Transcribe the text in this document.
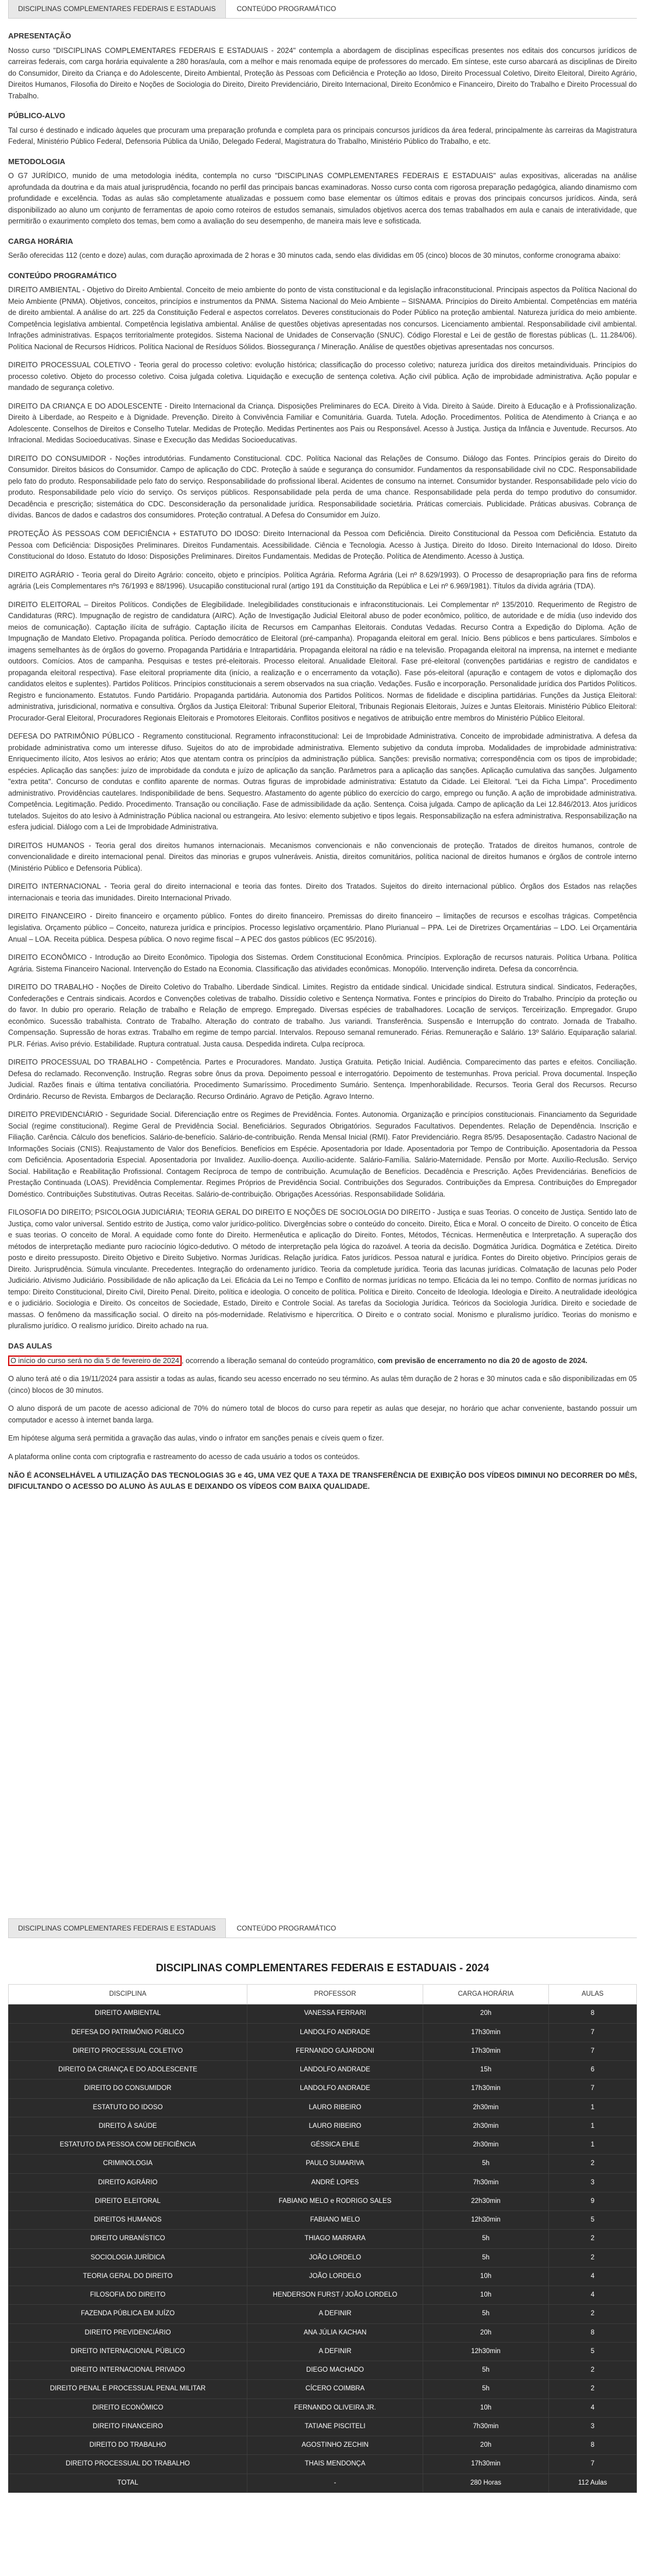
DISCIPLINAS COMPLEMENTARES FEDERAIS E ESTADUAIS	CONTEÚDO PROGRAMÁTICO
APRESENTAÇÃO

Nosso curso "DISCIPLINAS COMPLEMENTARES FEDERAIS E ESTADUAIS - 2024" contempla a abordagem de disciplinas específicas presentes nos editais dos concursos jurídicos de carreiras federais, com carga horária equivalente a 280 horas/aula, com a melhor e mais renomada equipe de professores do mercado. Em síntese, este curso abarcará as disciplinas de Direito do Consumidor, Direito da Criança e do Adolescente, Direito Ambiental, Proteção às Pessoas com Deficiência e Proteção ao Idoso, Direito Processual Coletivo, Direito Eleitoral, Direito Agrário, Direitos Humanos, Filosofia do Direito e Noções de Sociologia do Direito, Direito Previdenciário, Direito Internacional, Direito Econômico e Financeiro, Direito do Trabalho e Direito Processual do Trabalho.

PÚBLICO-ALVO

Tal curso é destinado e indicado àqueles que procuram uma preparação profunda e completa para os principais concursos jurídicos da área federal, principalmente às carreiras da Magistratura Federal, Ministério Público Federal, Defensoria Pública da União, Delegado Federal, Magistratura do Trabalho, Ministério Público do Trabalho, e etc.

METODOLOGIA

O G7 JURÍDICO, munido de uma metodologia inédita, contempla no curso "DISCIPLINAS COMPLEMENTARES FEDERAIS E ESTADUAIS" aulas expositivas, aliceradas na análise aprofundada da doutrina e da mais atual jurisprudência, focando no perfil das principais bancas examinadoras. Nosso curso conta com rigorosa preparação pedagógica, aliando dinamismo com profundidade e excelência. Todas as aulas são completamente atualizadas e possuem como base elementar os últimos editais e provas dos principais concursos jurídicos. Ainda, será disponibilizado ao aluno um conjunto de ferramentas de apoio como roteiros de estudos semanais, simulados objetivos acerca dos temas trabalhados em aula e canais de interatividade, que permitirão o exaurimento completo dos temas, bem como a avaliação do seu desempenho, de maneira mais leve e sofisticada.

CARGA HORÁRIA

Serão oferecidas 112 (cento e doze) aulas, com duração aproximada de 2 horas e 30 minutos cada, sendo elas divididas em 05 (cinco) blocos de 30 minutos, conforme cronograma abaixo:

CONTEÚDO PROGRAMÁTICO

DIREITO AMBIENTAL - Objetivo do Direito Ambiental. Conceito de meio ambiente do ponto de vista constitucional e da legislação infraconstitucional. Principais aspectos da Política Nacional do Meio Ambiente (PNMA). Objetivos, conceitos, princípios e instrumentos da PNMA. Sistema Nacional do Meio Ambiente – SISNAMA. Princípios do Direito Ambiental. Competências em matéria de direito ambiental. A análise do art. 225 da Constituição Federal e aspectos correlatos. Deveres constitucionais do Poder Público na proteção ambiental. Natureza jurídica do meio ambiente. Competência legislativa ambiental. Competência legislativa ambiental. Análise de questões objetivas apresentadas nos concursos. Licenciamento ambiental. Responsabilidade civil ambiental. Infrações administrativas. Espaços territorialmente protegidos. Sistema Nacional de Unidades de Conservação (SNUC). Código Florestal e Lei de gestão de florestas públicas (L. 11.284/06). Política Nacional de Recursos Hídricos. Política Nacional de Resíduos Sólidos. Biossegurança / Mineração. Análise de questões objetivas apresentadas nos concursos.

DIREITO PROCESSUAL COLETIVO - Teoria geral do processo coletivo: evolução histórica; classificação do processo coletivo; natureza jurídica dos direitos metaindividuais. Princípios do processo coletivo. Objeto do processo coletivo. Coisa julgada coletiva. Liquidação e execução de sentença coletiva. Ação civil pública. Ação de improbidade administrativa. Ação popular e mandado de segurança coletivo.

DIREITO DA CRIANÇA E DO ADOLESCENTE - Direito Internacional da Criança. Disposições Preliminares do ECA. Direito à Vida. Direito à Saúde. Direito à Educação e à Profissionalização. Direito à Liberdade, ao Respeito e à Dignidade. Prevenção. Direito à Convivência Familiar e Comunitária. Guarda. Tutela. Adoção. Procedimentos. Política de Atendimento à Criança e ao Adolescente. Conselhos de Direitos e Conselho Tutelar. Medidas de Proteção. Medidas Pertinentes aos Pais ou Responsável. Acesso à Justiça. Justiça da Infância e Juventude. Recursos. Ato Infracional. Medidas Socioeducativas. Sinase e Execução das Medidas Socioeducativas.

DIREITO DO CONSUMIDOR - Noções introdutórias. Fundamento Constitucional. CDC. Política Nacional das Relações de Consumo. Diálogo das Fontes. Princípios gerais do Direito do Consumidor. Direitos básicos do Consumidor. Campo de aplicação do CDC. Proteção à saúde e segurança do consumidor. Fundamentos da responsabilidade civil no CDC. Responsabilidade pelo fato do produto. Responsabilidade pelo fato do serviço. Responsabilidade do profissional liberal. Acidentes de consumo na internet. Consumidor bystander. Responsabilidade pelo vício do produto. Responsabilidade pelo vício do serviço. Os serviços públicos. Responsabilidade pela perda de uma chance. Responsabilidade pela perda do tempo produtivo do consumidor. Decadência e prescrição; sistemática do CDC. Desconsideração da personalidade jurídica. Responsabilidade societária. Práticas comerciais. Publicidade. Práticas abusivas. Cobrança de dívidas. Bancos de dados e cadastros dos consumidores. Proteção contratual. A Defesa do Consumidor em Juízo.

PROTEÇÃO ÀS PESSOAS COM DEFICIÊNCIA + ESTATUTO DO IDOSO: Direito Internacional da Pessoa com Deficiência. Direito Constitucional da Pessoa com Deficiência. Estatuto da Pessoa com Deficiência: Disposições Preliminares. Direitos Fundamentais. Acessibilidade. Ciência e Tecnologia. Acesso à Justiça. Direito do Idoso. Direito Internacional do Idoso. Direito Constitucional do Idoso. Estatuto do Idoso: Disposições Preliminares. Direitos Fundamentais. Medidas de Proteção. Política de Atendimento. Acesso à Justiça.

DIREITO AGRÁRIO - Teoria geral do Direito Agrário: conceito, objeto e princípios. Política Agrária. Reforma Agrária (Lei nº 8.629/1993). O Processo de desapropriação para fins de reforma agrária (Leis Complementares nºs 76/1993 e 88/1996). Usucapião constitucional rural (artigo 191 da Constituição da República e Lei nº 6.969/1981). Títulos da dívida agrária (TDA).

DIREITO ELEITORAL – Direitos Políticos. Condições de Elegibilidade. Inelegibilidades constitucionais e infraconstitucionais. Lei Complementar nº 135/2010. Requerimento de Registro de Candidaturas (RRC). Impugnação de registro de candidatura (AIRC). Ação de Investigação Judicial Eleitoral abuso de poder econômico, político, de autoridade e de mídia (uso indevido dos meios de comunicação). Captação ilícita de sufrágio. Captação ilícita de Recursos em Campanhas Eleitorais. Condutas Vedadas. Recurso Contra a Expedição do Diploma. Ação de Impugnação de Mandato Eletivo. Propaganda política. Período democrático de Eleitoral (pré-campanha). Propaganda eleitoral em geral. Início. Bens públicos e bens particulares. Símbolos e imagens semelhantes às de órgãos do governo. Propaganda Partidária e Intrapartidária. Propaganda eleitoral na rádio e na televisão. Propaganda eleitoral na imprensa, na internet e mediante outdoors. Comícios. Atos de campanha. Pesquisas e testes pré-eleitorais. Processo eleitoral. Anualidade Eleitoral. Fase pré-eleitoral (convenções partidárias e registro de candidatos e propaganda eleitoral respectiva). Fase eleitoral propriamente dita (início, a realização e o encerramento da votação). Fase pós-eleitoral (apuração e contagem de votos e diplomação dos candidatos eleitos e suplentes). Partidos Políticos. Princípios constitucionais a serem observados na sua criação. Vedações. Fusão e incorporação. Personalidade jurídica dos Partidos Políticos. Registro e funcionamento. Estatutos. Fundo Partidário. Propaganda partidária. Autonomia dos Partidos Políticos. Normas de fidelidade e disciplina partidárias. Funções da Justiça Eleitoral: administrativa, jurisdicional, normativa e consultiva. Órgãos da Justiça Eleitoral: Tribunal Superior Eleitoral, Tribunais Regionais Eleitorais, Juízes e Juntas Eleitorais. Ministério Público Eleitoral: Procurador-Geral Eleitoral, Procuradores Regionais Eleitorais e Promotores Eleitorais. Conflitos positivos e negativos de atribuição entre membros do Ministério Público Eleitoral.

DEFESA DO PATRIMÔNIO PÚBLICO - Regramento constitucional. Regramento infraconstitucional: Lei de Improbidade Administrativa. Conceito de improbidade administrativa. A defesa da probidade administrativa como um interesse difuso. Sujeitos do ato de improbidade administrativa. Elemento subjetivo da conduta ímproba. Modalidades de improbidade administrativa: Enriquecimento ilícito, Atos lesivos ao erário; Atos que atentam contra os princípios da administração pública. Sanções: previsão normativa; correspondência com os tipos de improbidade; espécies. Aplicação das sanções: juízo de improbidade da conduta e juízo de aplicação da sanção. Parâmetros para a aplicação das sanções. Aplicação cumulativa das sanções. Julgamento "extra petita". Concurso de condutas e conflito aparente de normas. Outras figuras de improbidade administrativa: Estatuto da Cidade. Lei Eleitoral. "Lei da Ficha Limpa". Procedimento administrativo. Providências cautelares. Indisponibilidade de bens. Sequestro. Afastamento do agente público do exercício do cargo, emprego ou função. A ação de improbidade administrativa. Competência. Legitimação. Pedido. Procedimento. Transação ou conciliação. Fase de admissibilidade da ação. Sentença. Coisa julgada. Campo de aplicação da Lei 12.846/2013. Atos jurídicos tutelados. Sujeitos do ato lesivo à Administração Pública nacional ou estrangeira. Ato lesivo: elemento subjetivo e tipos legais. Responsabilização na esfera administrativa. Responsabilização na esfera judicial. Diálogo com a Lei de Improbidade Administrativa.

DIREITOS HUMANOS - Teoria geral dos direitos humanos internacionais. Mecanismos convencionais e não convencionais de proteção. Tratados de direitos humanos, controle de convencionalidade e direito internacional penal. Direitos das minorias e grupos vulneráveis. Anistia, direitos comunitários, política nacional de direitos humanos e órgãos de controle interno (Ministério Público e Defensoria Pública).

DIREITO INTERNACIONAL - Teoria geral do direito internacional e teoria das fontes. Direito dos Tratados. Sujeitos do direito internacional público. Órgãos dos Estados nas relações internacionais e teoria das imunidades. Direito Internacional Privado.

DIREITO FINANCEIRO - Direito financeiro e orçamento público. Fontes do direito financeiro. Premissas do direito financeiro – limitações de recursos e escolhas trágicas. Competência legislativa. Orçamento público – Conceito, natureza jurídica e princípios. Processo legislativo orçamentário. Plano Plurianual – PPA. Lei de Diretrizes Orçamentárias – LDO. Lei Orçamentária Anual – LOA. Receita pública. Despesa pública. O novo regime fiscal – A PEC dos gastos públicos (EC 95/2016).

DIREITO ECONÔMICO - Introdução ao Direito Econômico. Tipologia dos Sistemas. Ordem Constitucional Econômica. Princípios. Exploração de recursos naturais. Política Urbana. Política Agrária. Sistema Financeiro Nacional. Intervenção do Estado na Economia. Classificação das atividades econômicas. Monopólio. Intervenção indireta. Defesa da concorrência.

DIREITO DO TRABALHO - Noções de Direito Coletivo do Trabalho. Liberdade Sindical. Limites. Registro da entidade sindical. Unicidade sindical. Estrutura sindical. Sindicatos, Federações, Confederações e Centrais sindicais. Acordos e Convenções coletivas de trabalho. Dissídio coletivo e Sentença Normativa. Fontes e princípios do Direito do Trabalho. Princípio da proteção ou do favor. In dubio pro operario. Relação de trabalho e Relação de emprego. Empregado. Diversas espécies de trabalhadores. Locação de serviços. Terceirização. Empregador. Grupo econômico. Sucessão trabalhista. Contrato de Trabalho. Alteração do contrato de trabalho. Jus variandi. Transferência. Suspensão e Interrupção do contrato. Jornada de Trabalho. Compensação. Supressão de horas extras. Trabalho em regime de tempo parcial. Intervalos. Repouso semanal remunerado. Férias. Remuneração e Salário. 13º Salário. Equiparação salarial. PLR. Férias. Aviso prévio. Estabilidade. Ruptura contratual. Justa causa. Despedida indireta. Culpa recíproca.

DIREITO PROCESSUAL DO TRABALHO - Competência. Partes e Procuradores. Mandato. Justiça Gratuita. Petição Inicial. Audiência. Comparecimento das partes e efeitos. Conciliação. Defesa do reclamado. Reconvenção. Instrução. Regras sobre ônus da prova. Depoimento pessoal e interrogatório. Depoimento de testemunhas. Prova pericial. Prova documental. Inspeção Judicial. Razões finais e última tentativa conciliatória. Procedimento Sumaríssimo. Procedimento Sumário. Sentença. Impenhorabilidade. Recursos. Teoria Geral dos Recursos. Recurso Ordinário. Recurso de Revista. Embargos de Declaração. Recurso Ordinário. Agravo de Petição. Agravo Interno.

DIREITO PREVIDENCIÁRIO - Seguridade Social. Diferenciação entre os Regimes de Previdência. Fontes. Autonomia. Organização e princípios constitucionais. Financiamento da Seguridade Social (regime constitucional). Regime Geral de Previdência Social. Beneficiários. Segurados Obrigatórios. Segurados Facultativos. Dependentes. Relação de Dependência. Inscrição e Filiação. Carência. Cálculo dos benefícios. Salário-de-benefício. Salário-de-contribuição. Renda Mensal Inicial (RMI). Fator Previdenciário. Regra 85/95. Desaposentação. Cadastro Nacional de Informações Sociais (CNIS). Reajustamento de Valor dos Benefícios. Benefícios em Espécie. Aposentadoria por Idade. Aposentadoria por Tempo de Contribuição. Aposentadoria da Pessoa com Deficiência. Aposentadoria Especial. Aposentadoria por Invalidez. Auxílio-doença. Auxílio-acidente. Salário-Família. Salário-Maternidade. Pensão por Morte. Auxílio-Reclusão. Serviço Social. Habilitação e Reabilitação Profissional. Contagem Recíproca de tempo de contribuição. Acumulação de Benefícios. Decadência e Prescrição. Ações Previdenciárias. Benefícios de Prestação Continuada (LOAS). Previdência Complementar. Regimes Próprios de Previdência Social. Contribuições dos Segurados. Contribuições da Empresa. Contribuições do Empregador Doméstico. Contribuições Substitutivas. Outras Receitas. Salário-de-contribuição. Obrigações Acessórias. Responsabilidade Solidária.

FILOSOFIA DO DIREITO; PSICOLOGIA JUDICIÁRIA; TEORIA GERAL DO DIREITO E NOÇÕES DE SOCIOLOGIA DO DIREITO - Justiça e suas Teorias. O conceito de Justiça. Sentido lato de Justiça, como valor universal. Sentido estrito de Justiça, como valor jurídico-político. Divergências sobre o conteúdo do conceito. Direito, Ética e Moral. O conceito de Direito. O conceito de Ética e suas teorias. O conceito de Moral. A equidade como fonte do Direito. Hermenêutica e aplicação do Direito. Fontes, Métodos, Técnicas. Hermenêutica e Interpretação. A superação dos métodos de interpretação mediante puro raciocínio lógico-dedutivo. O método de interpretação pela lógica do razoável. A teoria da decisão. Dogmática Jurídica. Dogmática e Zetética. Direito posto e direito pressuposto. Direito Objetivo e Direito Subjetivo. Normas Jurídicas. Relação jurídica. Fatos jurídicos. Pessoa natural e jurídica. Fontes do Direito objetivo. Princípios gerais de Direito. Jurisprudência. Súmula vinculante. Precedentes. Integração do ordenamento jurídico. Teoria da completude jurídica. Teoria das lacunas jurídicas. Colmatação de lacunas pelo Poder Judiciário. Ativismo Judiciário. Possibilidade de não aplicação da Lei. Eficácia da Lei no Tempo e Conflito de normas jurídicas no tempo. Eficácia da lei no tempo. Conflito de normas jurídicas no tempo: Direito Constitucional, Direito Civil, Direito Penal. Direito, política e ideologia. O conceito de política. Política e Direito. Conceito de Ideologia. Ideologia e Direito. A neutralidade ideológica e o judiciário. Sociologia e Direito. Os conceitos de Sociedade, Estado, Direito e Controle Social. As tarefas da Sociologia Jurídica. Teóricos da Sociologia Jurídica. Direito e sociedade de massas. O fenômeno da massificação social. O direito na pós-modernidade. Relativismo e hipercrítica. O Direito e o contrato social. Monismo e pluralismo jurídico. Teorias do monismo e pluralismo jurídico. O realismo jurídico. Direito achado na rua.

DAS AULAS

O início do curso será no dia 5 de fevereiro de 2024 , ocorrendo a liberação semanal do conteúdo programático, com previsão de encerramento no dia 20 de agosto de 2024.

O aluno terá até o dia 19/11/2024 para assistir a todas as aulas, ficando seu acesso encerrado no seu término. As aulas têm duração de 2 horas e 30 minutos cada e são disponibilizadas em 05 (cinco) blocos de 30 minutos.

O aluno disporá de um pacote de acesso adicional de 70% do número total de blocos do curso para repetir as aulas que desejar, no horário que achar conveniente, bastando possuir um computador e acesso à internet banda larga.

Em hipótese alguma será permitida a gravação das aulas, vindo o infrator em sanções penais e cíveis quem o fizer.

A plataforma online conta com criptografia e rastreamento do acesso de cada usuário a todos os conteúdos.

NÃO É ACONSELHÁVEL A UTILIZAÇÃO DAS TECNOLOGIAS 3G e 4G, UMA VEZ QUE A TAXA DE TRANSFERÊNCIA DE EXIBIÇÃO DOS VÍDEOS DIMINUI NO DECORRER DO MÊS, DIFICULTANDO O ACESSO DO ALUNO ÀS AULAS E DEIXANDO OS VÍDEOS COM BAIXA QUALIDADE.

DISCIPLINAS COMPLEMENTARES FEDERAIS E ESTADUAIS	CONTEÚDO PROGRAMÁTICO
DISCIPLINAS COMPLEMENTARES FEDERAIS E ESTADUAIS - 2024
DISCIPLINA	PROFESSOR	CARGA HORÁRIA	AULAS
DIREITO AMBIENTAL	VANESSA FERRARI	20h	8
DEFESA DO PATRIMÔNIO PÚBLICO	LANDOLFO ANDRADE	17h30min	7
DIREITO PROCESSUAL COLETIVO	FERNANDO GAJARDONI	17h30min	7
DIREITO DA CRIANÇA E DO ADOLESCENTE	LANDOLFO ANDRADE	15h	6
DIREITO DO CONSUMIDOR	LANDOLFO ANDRADE	17h30min	7
ESTATUTO DO IDOSO	LAURO RIBEIRO	2h30min	1
DIREITO À SAÚDE	LAURO RIBEIRO	2h30min	1
ESTATUTO DA PESSOA COM DEFICIÊNCIA	GÉSSICA EHLE	2h30min	1
CRIMINOLOGIA	PAULO SUMARIVA	5h	2
DIREITO AGRÁRIO	ANDRÉ LOPES	7h30min	3
DIREITO ELEITORAL	FABIANO MELO e RODRIGO SALES	22h30min	9
DIREITOS HUMANOS	FABIANO MELO	12h30min	5
DIREITO URBANÍSTICO	THIAGO MARRARA	5h	2
SOCIOLOGIA JURÍDICA	JOÃO LORDELO	5h	2
TEORIA GERAL DO DIREITO	JOÃO LORDELO	10h	4
FILOSOFIA DO DIREITO	HENDERSON FURST / JOÃO LORDELO	10h	4
FAZENDA PÚBLICA EM JUÍZO	A DEFINIR	5h	2
DIREITO PREVIDENCIÁRIO	ANA JÚLIA KACHAN	20h	8
DIREITO INTERNACIONAL PÚBLICO	A DEFINIR	12h30min	5
DIREITO INTERNACIONAL PRIVADO	DIEGO MACHADO	5h	2
DIREITO PENAL E PROCESSUAL PENAL MILITAR	CÍCERO COIMBRA	5h	2
DIREITO ECONÔMICO	FERNANDO OLIVEIRA JR.	10h	4
DIREITO FINANCEIRO	TATIANE PISCITELI	7h30min	3
DIREITO DO TRABALHO	AGOSTINHO ZECHIN	20h	8
DIREITO PROCESSUAL DO TRABALHO	THAIS MENDONÇA	17h30min	7
TOTAL	-	280 Horas	112 Aulas
